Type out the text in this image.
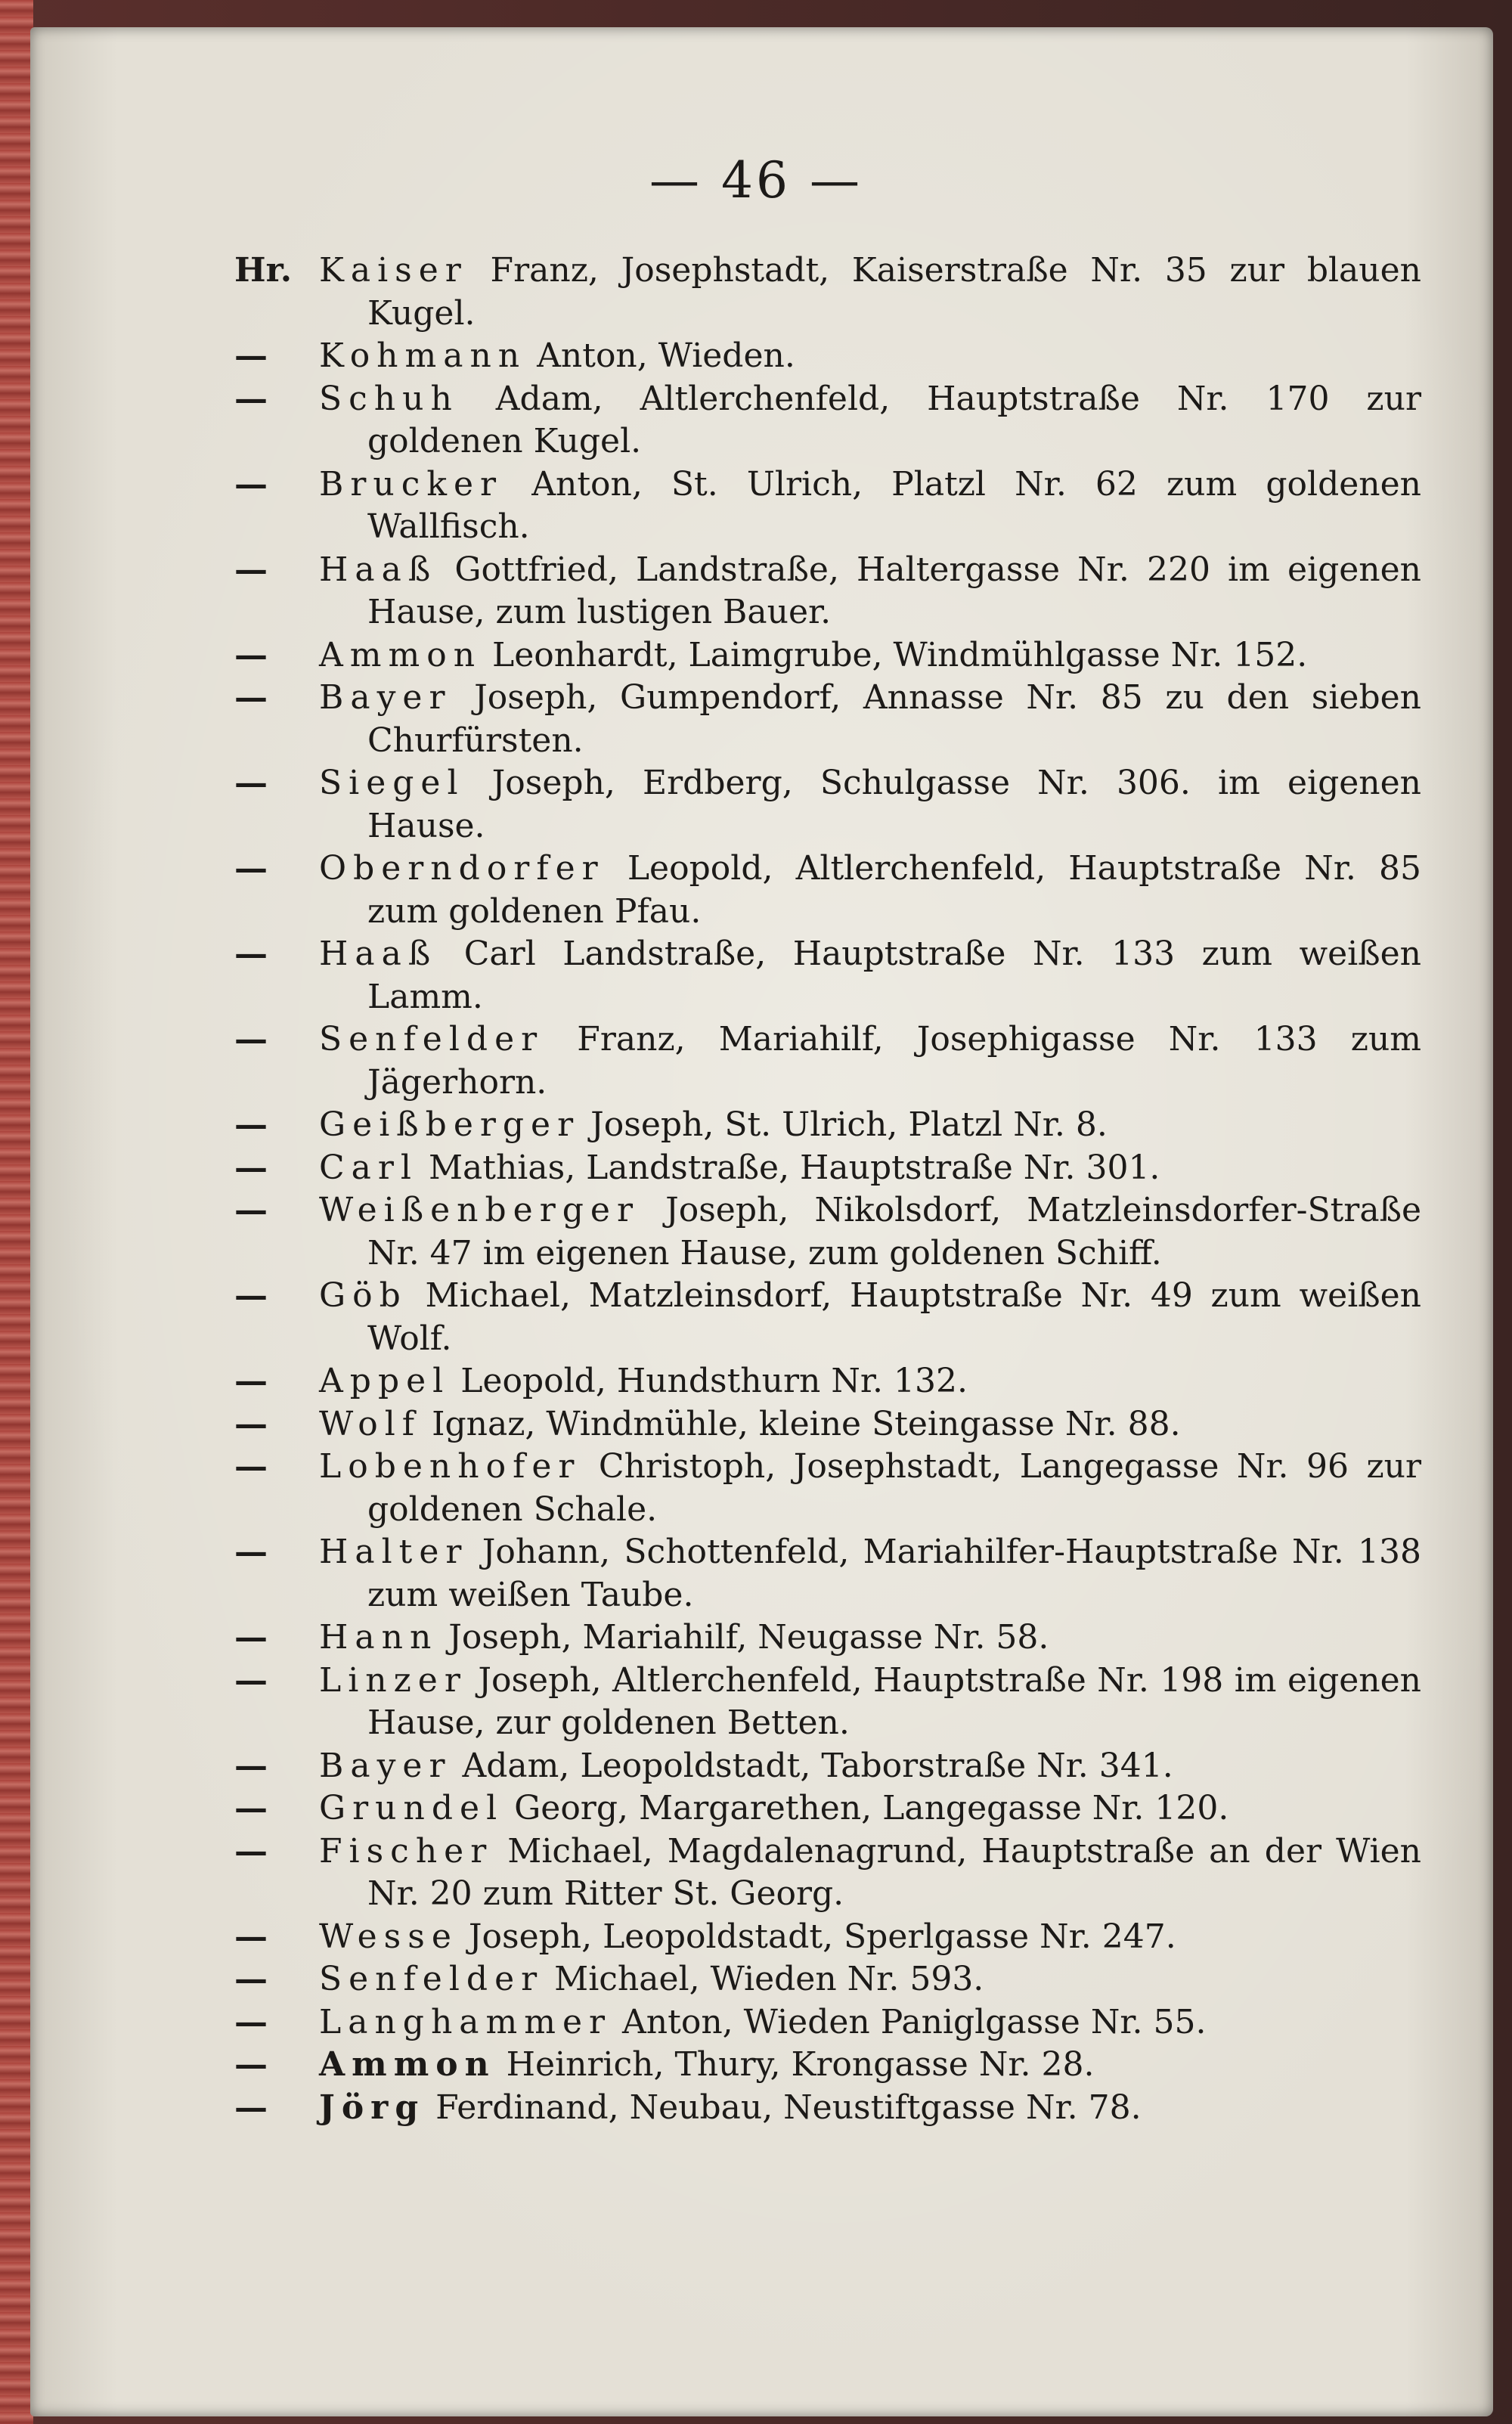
— 46 —
Hr. Kaiser Franz, Josephstadt, Kaiserstraße Nr. 35 zur blauen Kugel.
— Kohmann Anton, Wieden.
— Schuh Adam, Altlerchenfeld, Hauptstraße Nr. 170 zur goldenen Kugel.
— Brucker Anton, St. Ulrich, Platzl Nr. 62 zum goldenen Wallfisch.
— Haaß Gottfried, Landstraße, Haltergasse Nr. 220 im eigenen Hause, zum lustigen Bauer.
— Ammon Leonhardt, Laimgrube, Windmühlgasse Nr. 152.
— Bayer Joseph, Gumpendorf, Annasse Nr. 85 zu den sieben Churfürsten.
— Siegel Joseph, Erdberg, Schulgasse Nr. 306. im eigenen Hause.
— Oberndorfer Leopold, Altlerchenfeld, Hauptstraße Nr. 85 zum goldenen Pfau.
— Haaß Carl Landstraße, Hauptstraße Nr. 133 zum weißen Lamm.
— Senfelder Franz, Mariahilf, Josephigasse Nr. 133 zum Jägerhorn.
— Geißberger Joseph, St. Ulrich, Platzl Nr. 8.
— Carl Mathias, Landstraße, Hauptstraße Nr. 301.
— Weißenberger Joseph, Nikolsdorf, Matzleinsdorfer-Straße Nr. 47 im eigenen Hause, zum goldenen Schiff.
— Göb Michael, Matzleinsdorf, Hauptstraße Nr. 49 zum weißen Wolf.
— Appel Leopold, Hundsthurn Nr. 132.
— Wolf Ignaz, Windmühle, kleine Steingasse Nr. 88.
— Lobenhofer Christoph, Josephstadt, Langegasse Nr. 96 zur goldenen Schale.
— Halter Johann, Schottenfeld, Mariahilfer-Hauptstraße Nr. 138 zum weißen Taube.
— Hann Joseph, Mariahilf, Neugasse Nr. 58.
— Linzer Joseph, Altlerchenfeld, Hauptstraße Nr. 198 im eigenen Hause, zur goldenen Betten.
— Bayer Adam, Leopoldstadt, Taborstraße Nr. 341.
— Grundel Georg, Margarethen, Langegasse Nr. 120.
— Fischer Michael, Magdalenagrund, Hauptstraße an der Wien Nr. 20 zum Ritter St. Georg.
— Wesse Joseph, Leopoldstadt, Sperlgasse Nr. 247.
— Senfelder Michael, Wieden Nr. 593.
— Langhammer Anton, Wieden Paniglgasse Nr. 55.
— Ammon Heinrich, Thury, Krongasse Nr. 28.
— Jörg Ferdinand, Neubau, Neustiftgasse Nr. 78.
